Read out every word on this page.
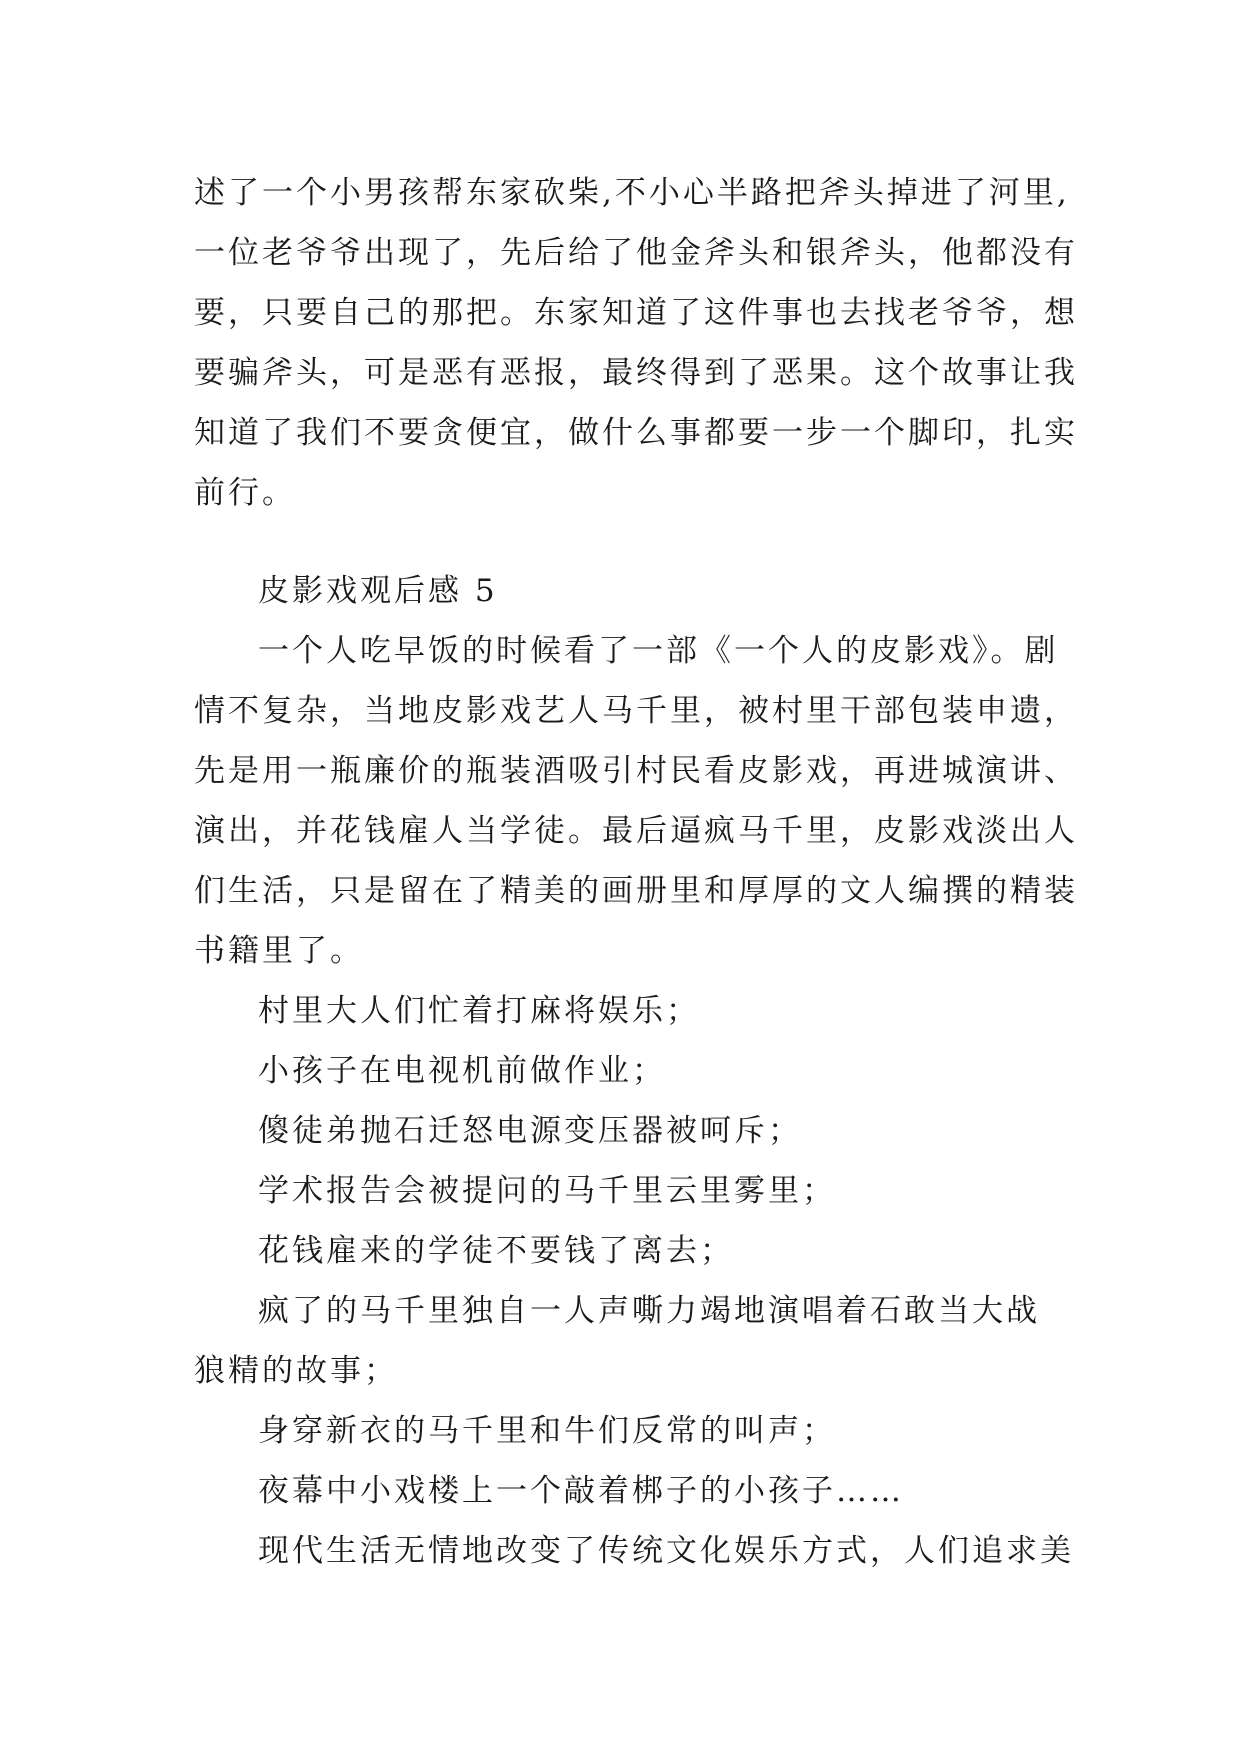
述了一个小男孩帮东家砍柴,不小心半路把斧头掉进了河里,
一位老爷爷出现了，先后给了他金斧头和银斧头，他都没有
要，只要自己的那把。东家知道了这件事也去找老爷爷，想
要骗斧头，可是恶有恶报，最终得到了恶果。这个故事让我
知道了我们不要贪便宜，做什么事都要一步一个脚印，扎实
前行。
皮影戏观后感 5
一个人吃早饭的时候看了一部《一个人的皮影戏》。剧
情不复杂，当地皮影戏艺人马千里，被村里干部包装申遗，
先是用一瓶廉价的瓶装酒吸引村民看皮影戏，再进城演讲、
演出，并花钱雇人当学徒。最后逼疯马千里，皮影戏淡出人
们生活，只是留在了精美的画册里和厚厚的文人编撰的精装
书籍里了。
村里大人们忙着打麻将娱乐；
小孩子在电视机前做作业；
傻徒弟抛石迁怒电源变压器被呵斥；
学术报告会被提问的马千里云里雾里；
花钱雇来的学徒不要钱了离去；
疯了的马千里独自一人声嘶力竭地演唱着石敢当大战
狼精的故事；
身穿新衣的马千里和牛们反常的叫声；
夜幕中小戏楼上一个敲着梆子的小孩子……
现代生活无情地改变了传统文化娱乐方式，人们追求美
